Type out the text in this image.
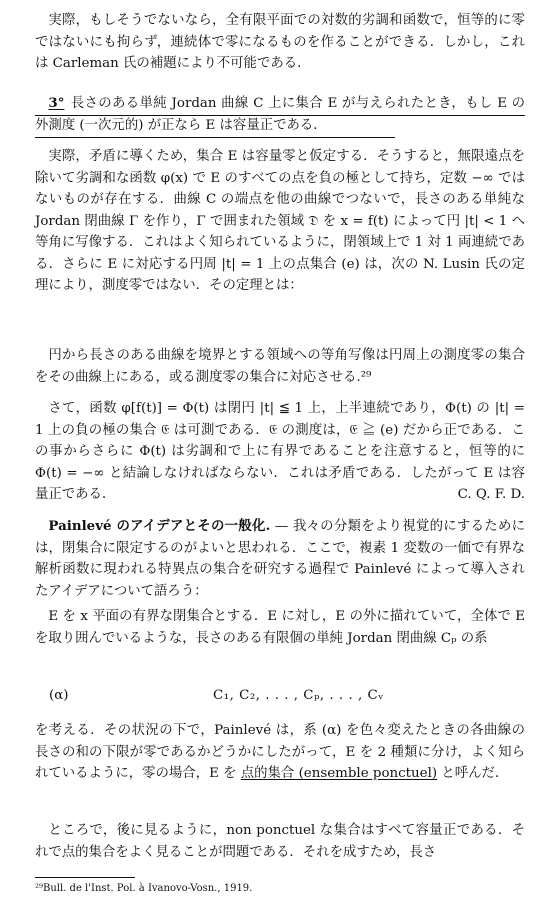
実際，もしそうでないなら，全有限平面での対数的劣調和函数で，恒等的に零ではないにも拘らず，連続体で零になるものを作ることができる．しかし，これは Carleman 氏の補題により不可能である．

3° 長さのある単純 Jordan 曲線 C 上に集合 E が与えられたとき，もし E の外測度 (一次元的) が正なら E は容量正である．

実際，矛盾に導くため，集合 E は容量零と仮定する．そうすると，無限遠点を除いて劣調和な函数 φ(x) で E のすべての点を負の極として持ち，定数 −∞ ではないものが存在する．曲線 C の端点を他の曲線でつないで，長さのある単純な Jordan 閉曲線 Γ を作り，Γ で囲まれた領域 𝔇 を x = f(t) によって円 |t| < 1 へ等角に写像する．これはよく知られているように，閉領域上で 1 対 1 両連続である．さらに E に対応する円周 |t| = 1 上の点集合 (e) は，次の N. Lusin 氏の定理により，測度零ではない．その定理とは：

円から長さのある曲線を境界とする領域への等角写像は円周上の測度零の集合をその曲線上にある，或る測度零の集合に対応させる.²⁹

さて，函数 φ[f(t)] = Φ(t) は閉円 |t| ≦ 1 上，上半連続であり，Φ(t) の |t| = 1 上の負の極の集合 𝔈 は可測である．𝔈 の測度は，𝔈 ≧ (e) だから正である．この事からさらに Φ(t) は劣調和で上に有界であることを注意すると，恒等的に Φ(t) = −∞ と結論しなければならない．これは矛盾である．したがって E は容量正である．	C. Q. F. D.

Painlevé のアイデアとその一般化. — 我々の分類をより視覚的にするためには，閉集合に限定するのがよいと思われる．ここで，複素 1 変数の一価で有界な解析函数に現われる特異点の集合を研究する過程で Painlevé によって導入されたアイデアについて語ろう：

E を x 平面の有界な閉集合とする．E に対し，E の外に描れていて，全体で E を取り囲んでいるような，長さのある有限個の単純 Jordan 閉曲線 Cₚ の系

(α)	C₁, C₂, . . . , Cₚ, . . . , Cᵥ

を考える．その状況の下で，Painlevé は，系 (α) を色々変えたときの各曲線の長さの和の下限が零であるかどうかにしたがって，E を 2 種類に分け，よく知られているように，零の場合，E を 点的集合 (ensemble ponctuel) と呼んだ．

ところで，後に見るように，non ponctuel な集合はすべて容量正である．それで点的集合をよく見ることが問題である．それを成すため，長さ

²⁹Bull. de l'Inst. Pol. à Ivanovo-Vosn., 1919.
